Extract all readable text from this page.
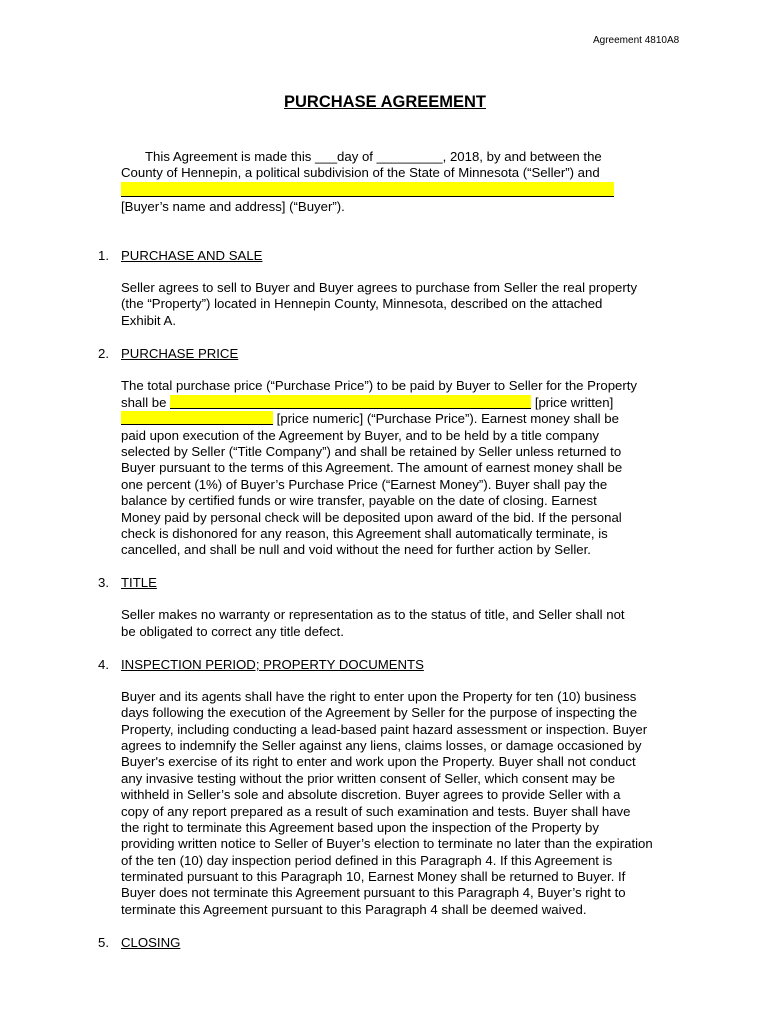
Agreement 4810A8
PURCHASE AGREEMENT
This Agreement is made this ___day of _________, 2018, by and between the
County of Hennepin, a political subdivision of the State of Minnesota (“Seller”) and
[Buyer’s name and address] (“Buyer”).
1. PURCHASE AND SALE
Seller agrees to sell to Buyer and Buyer agrees to purchase from Seller the real property
(the “Property”) located in Hennepin County, Minnesota, described on the attached
Exhibit A.
2. PURCHASE PRICE
The total purchase price (“Purchase Price”) to be paid by Buyer to Seller for the Property
shall be	[price written]
[price numeric] (“Purchase Price”). Earnest money shall be
paid upon execution of the Agreement by Buyer, and to be held by a title company
selected by Seller (“Title Company”) and shall be retained by Seller unless returned to
Buyer pursuant to the terms of this Agreement. The amount of earnest money shall be
one percent (1%) of Buyer’s Purchase Price (“Earnest Money”). Buyer shall pay the
balance by certified funds or wire transfer, payable on the date of closing. Earnest
Money paid by personal check will be deposited upon award of the bid. If the personal
check is dishonored for any reason, this Agreement shall automatically terminate, is
cancelled, and shall be null and void without the need for further action by Seller.
3. TITLE
Seller makes no warranty or representation as to the status of title, and Seller shall not
be obligated to correct any title defect.
4. INSPECTION PERIOD; PROPERTY DOCUMENTS
Buyer and its agents shall have the right to enter upon the Property for ten (10) business
days following the execution of the Agreement by Seller for the purpose of inspecting the
Property, including conducting a lead-based paint hazard assessment or inspection. Buyer
agrees to indemnify the Seller against any liens, claims losses, or damage occasioned by
Buyer's exercise of its right to enter and work upon the Property. Buyer shall not conduct
any invasive testing without the prior written consent of Seller, which consent may be
withheld in Seller’s sole and absolute discretion. Buyer agrees to provide Seller with a
copy of any report prepared as a result of such examination and tests. Buyer shall have
the right to terminate this Agreement based upon the inspection of the Property by
providing written notice to Seller of Buyer’s election to terminate no later than the expiration
of the ten (10) day inspection period defined in this Paragraph 4. If this Agreement is
terminated pursuant to this Paragraph 10, Earnest Money shall be returned to Buyer. If
Buyer does not terminate this Agreement pursuant to this Paragraph 4, Buyer’s right to
terminate this Agreement pursuant to this Paragraph 4 shall be deemed waived.
5. CLOSING
